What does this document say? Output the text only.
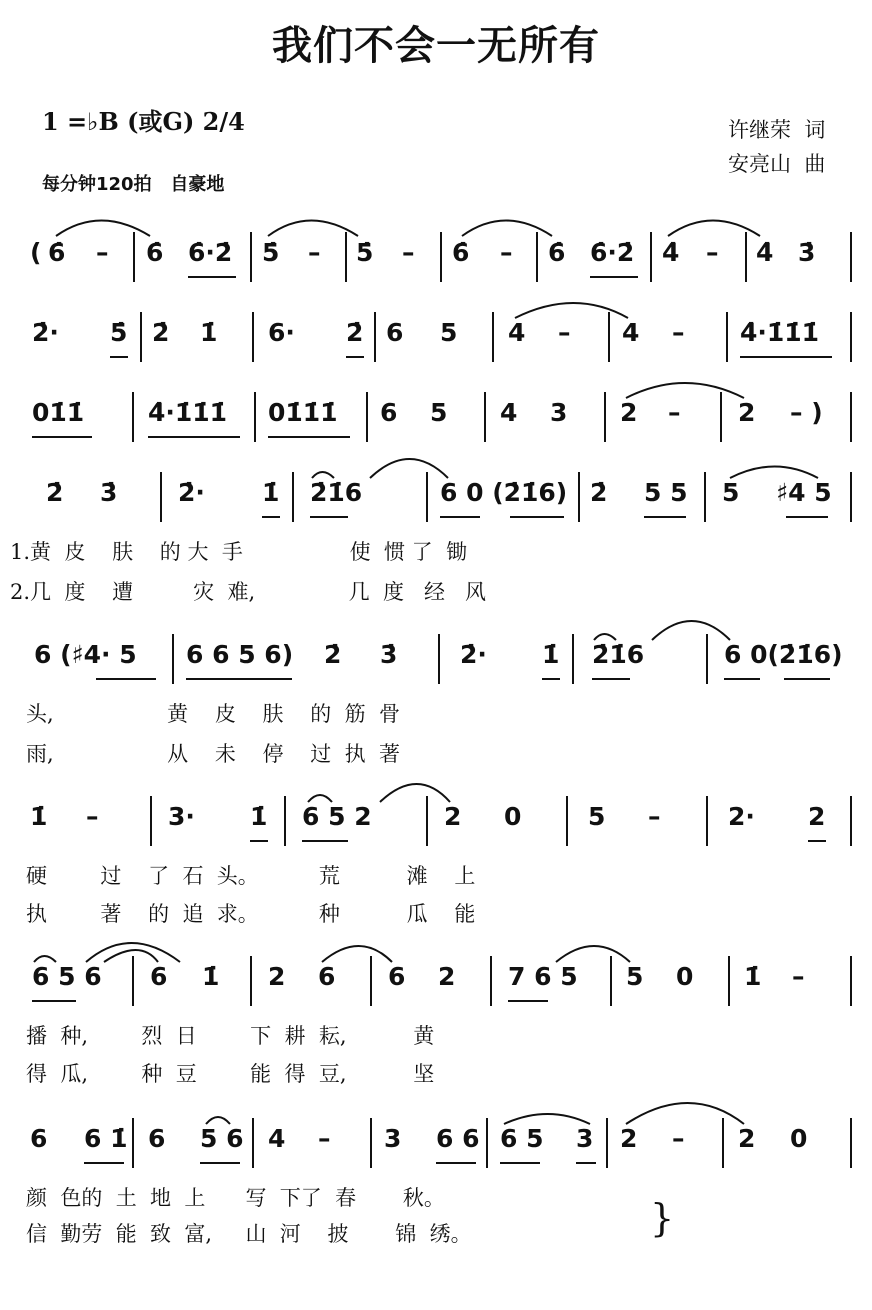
我们不会一无所有
1 =♭B (或G) 2/4
每分钟120拍   自豪地
许继荣  词
安亮山  曲
( 6̇ – 6̇ 6̇·2̇ 5̇ – 5̇ – 6̇ – 6̇ 6̇·2̇ 4̇ – 4̇ 3̇
2̇· 5̇ 2̇ 1̇ 6· 2̇ 6 5 4 – 4 – 4̇·1̇1̇1̇
01̇1̇	4̇·1̇1̇1̇ 01̇1̇1̇ 6 5 4 3 2 – 2 – )
2̇ 3̇ 2̇· 1̇ 2̇1̇6	6 0 (2̇1̇6) 2̇ 5 5 5 ♯4 5
1.黄  皮    肤    的 大  手                使  惯 了  锄
2.几  度    遭         灾  难,              几  度   经   风
6 (♯4· 5 6 6 5 6) 2̇ 3̇	2̇· 1̇ 2̇1̇6	6 0(2̇1̇6)
头,                 黄    皮    肤    的  筋  骨
雨,                 从    未    停    过  执  著
1̇ –	3· 1̇ 6 5 2	2 0	5 –	2· 2
硬        过    了  石  头。         荒          滩    上
执        著    的  追  求。         种          瓜    能
6 5 6 6 1̇ 2 6 6 2 7 6 5 5 0 1̇ –
播  种,        烈  日        下  耕  耘,          黄
得  瓜,        种  豆        能  得  豆,          坚
6 6 1̇ 6 5 6 4 – 3 6 6 6 5 3 2 – 2 0
颜  色的  土  地  上      写  下了  春       秋。
信  勤劳  能  致  富,     山  河    披       锦  绣。	}
